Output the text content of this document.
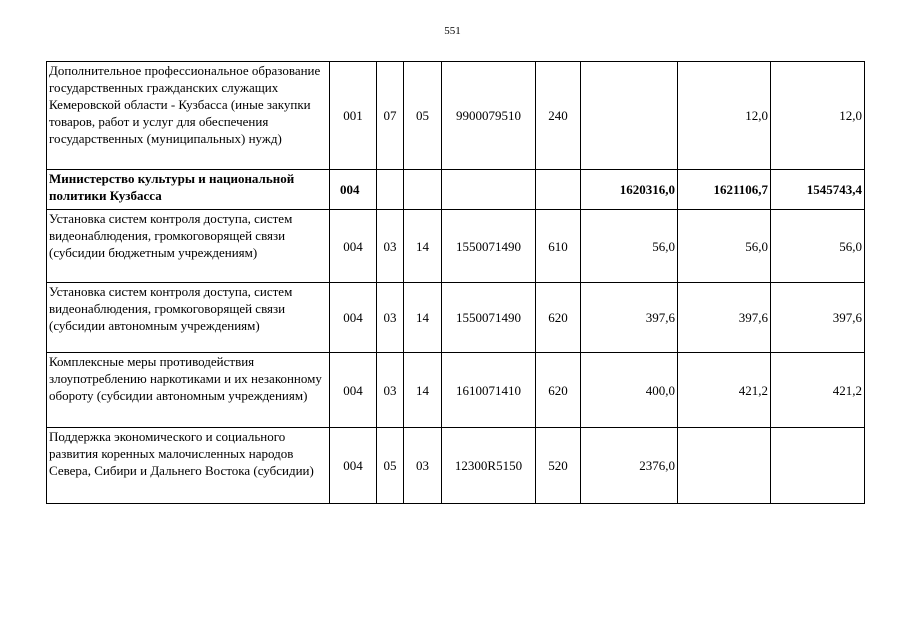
551
Дополнительное профессиональное образование государственных гражданских служащих Кемеровской области - Кузбасса (иные закупки товаров, работ и услуг для обеспечения государственных (муниципальных) нужд)	001	07	05	9900079510	240		12,0	12,0
Министерство культуры и национальной политики Кузбасса	004					1620316,0	1621106,7	1545743,4
Установка систем контроля доступа, систем видеонаблюдения, громкоговорящей связи (субсидии бюджетным учреждениям)	004	03	14	1550071490	610	56,0	56,0	56,0
Установка систем контроля доступа, систем видеонаблюдения, громкоговорящей связи (субсидии автономным учреждениям)	004	03	14	1550071490	620	397,6	397,6	397,6
Комплексные меры противодействия злоупотреблению наркотиками и их незаконному обороту (субсидии автономным учреждениям)	004	03	14	1610071410	620	400,0	421,2	421,2
Поддержка экономического и социального развития коренных малочисленных народов Севера, Сибири и Дальнего Востока (субсидии)	004	05	03	12300R5150	520	2376,0		
